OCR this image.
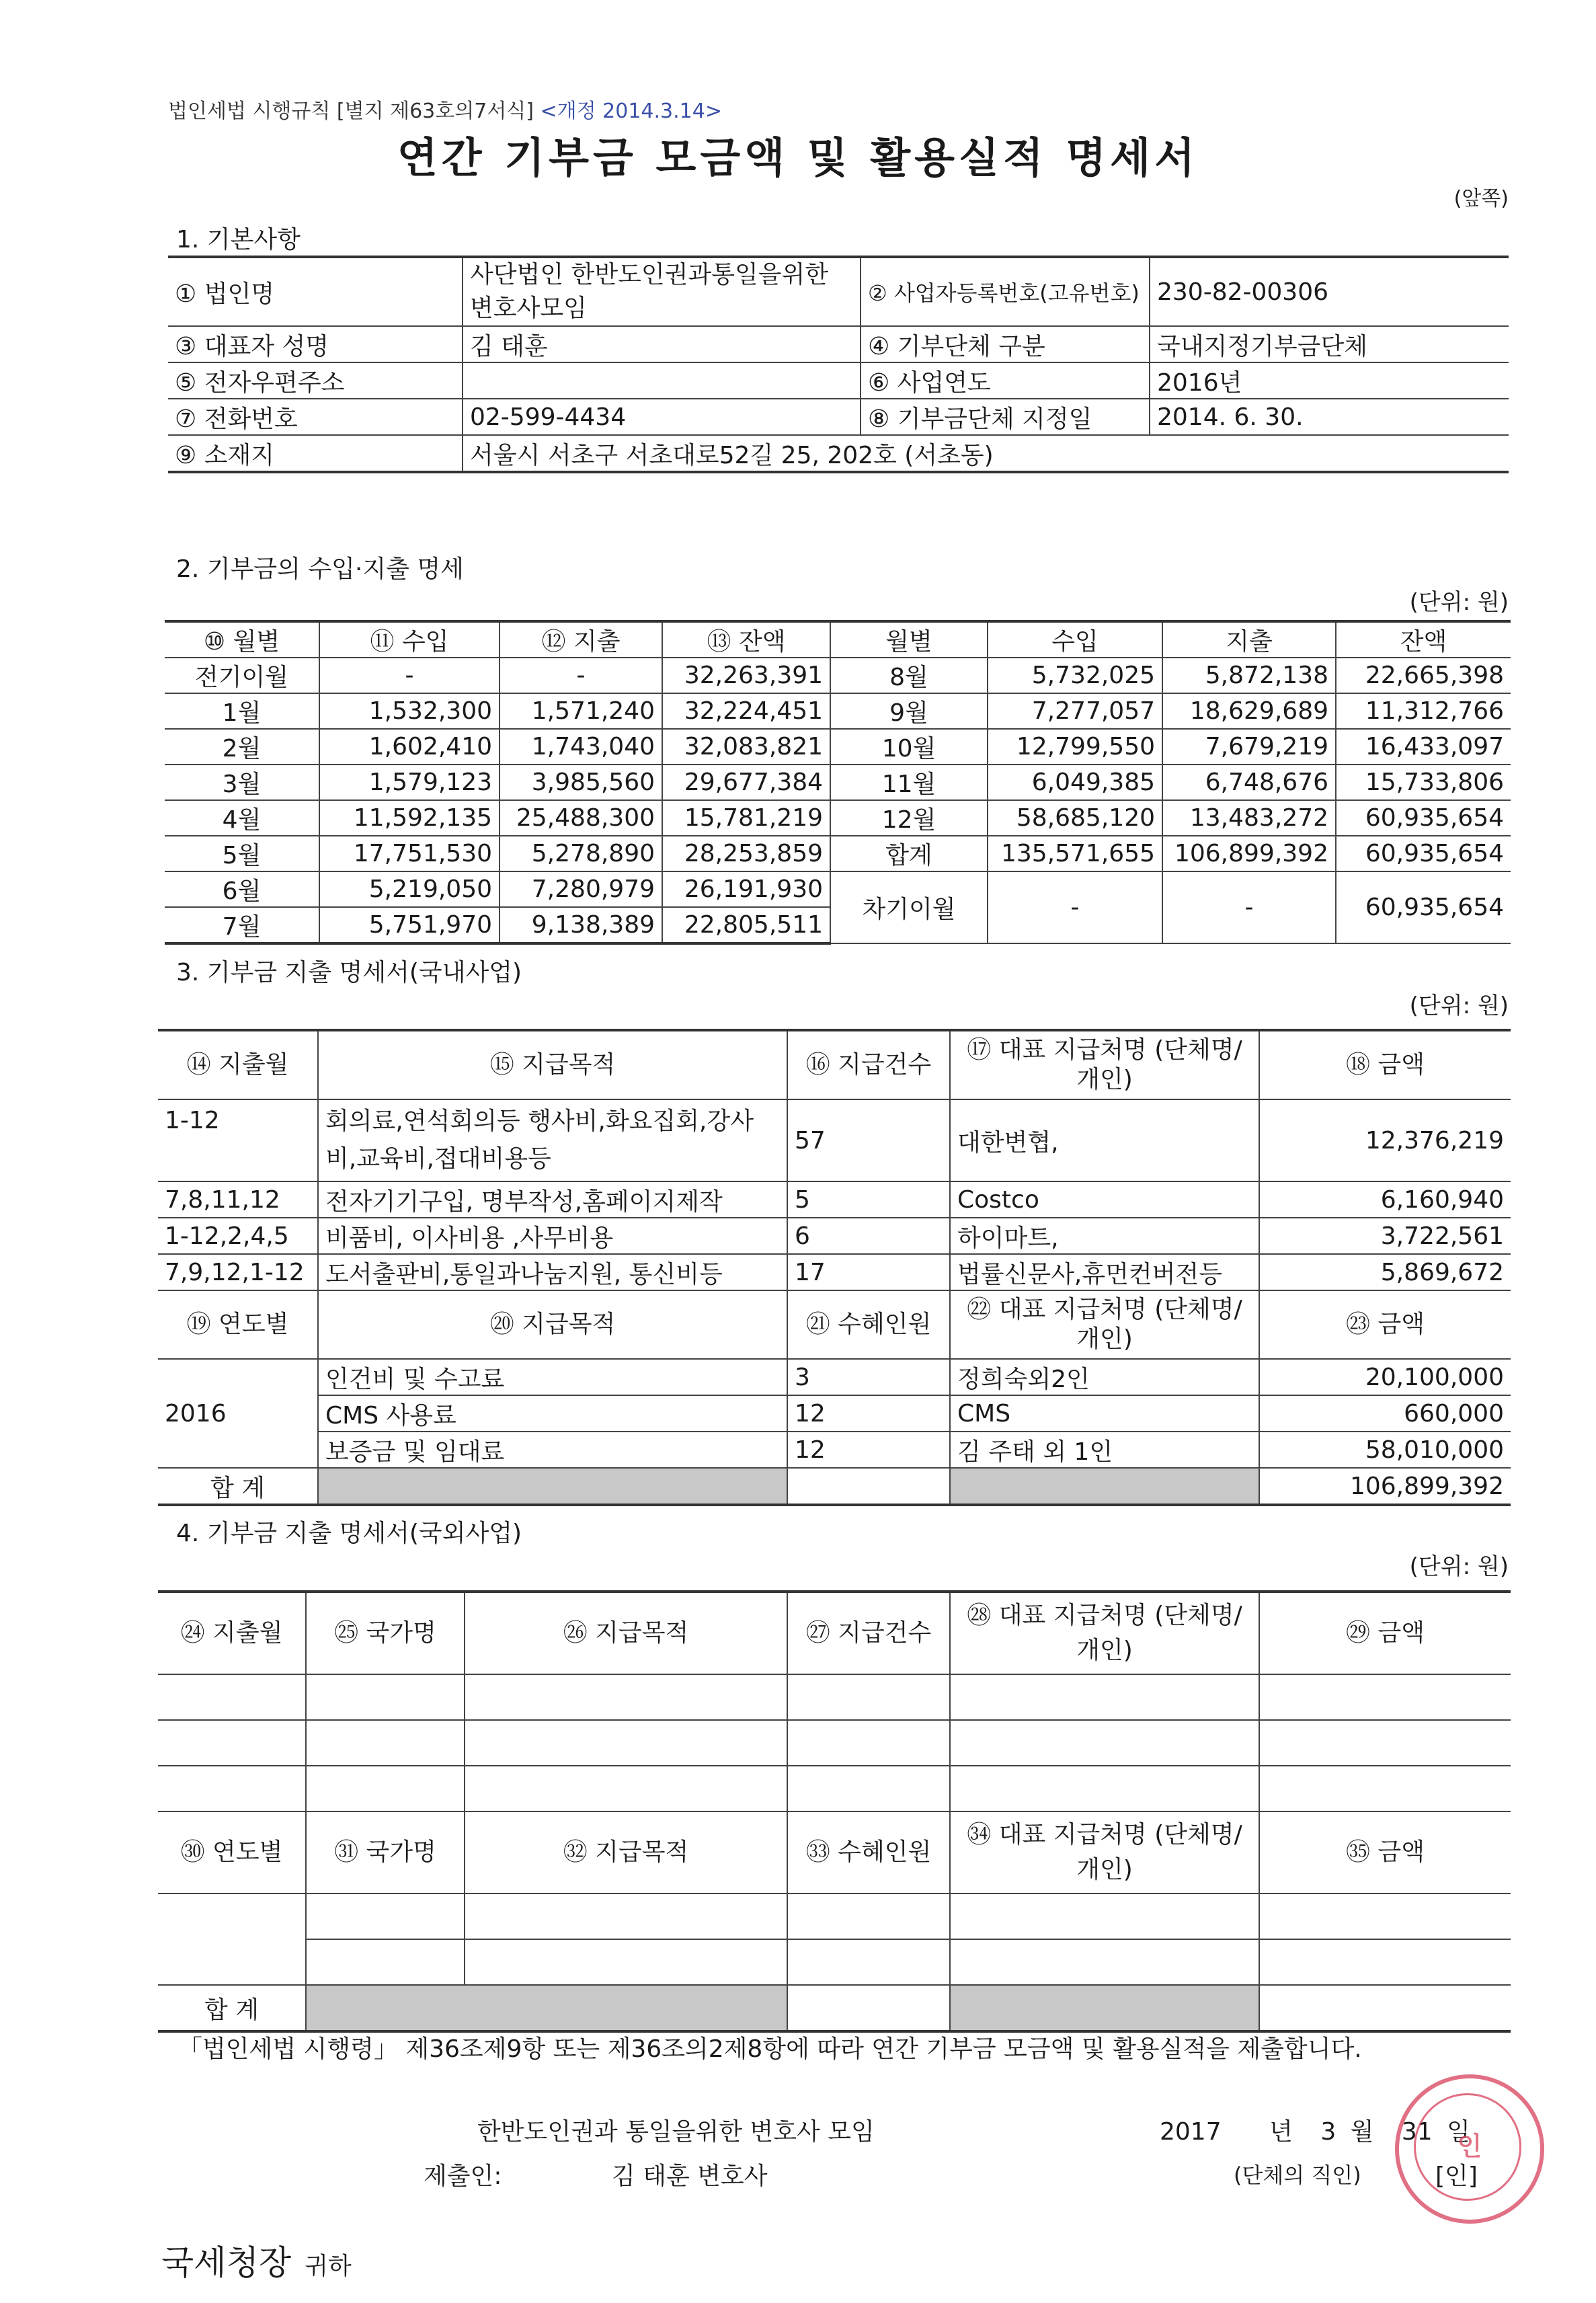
법인세법 시행규칙 [별지 제63호의7서식] <개정 2014.3.14>
연간 기부금 모금액 및 활용실적 명세서
(앞쪽)
1. 기본사항
① 법인명	사단법인 한반도인권과통일을위한 변호사모임	② 사업자등록번호(고유번호)	230-82-00306
③ 대표자 성명	김 태훈	④ 기부단체 구분	국내지정기부금단체
⑤ 전자우편주소		⑥ 사업연도	2016년
⑦ 전화번호	02-599-4434	⑧ 기부금단체 지정일	2014. 6. 30.
⑨ 소재지	서울시 서초구 서초대로52길 25, 202호 (서초동)		
2. 기부금의 수입·지출 명세
(단위: 원)
⑩ 월별	⑪ 수입	⑫ 지출	⑬ 잔액	월별	수입	지출	잔액
전기이월	-	-	32,263,391	8월	5,732,025	5,872,138	22,665,398
1월	1,532,300	1,571,240	32,224,451	9월	7,277,057	18,629,689	11,312,766
2월	1,602,410	1,743,040	32,083,821	10월	12,799,550	7,679,219	16,433,097
3월	1,579,123	3,985,560	29,677,384	11월	6,049,385	6,748,676	15,733,806
4월	11,592,135	25,488,300	15,781,219	12월	58,685,120	13,483,272	60,935,654
5월	17,751,530	5,278,890	28,253,859	합계	135,571,655	106,899,392	60,935,654
6월	5,219,050	7,280,979	26,191,930	차기이월	-	-	60,935,654
7월	5,751,970	9,138,389	22,805,511				
3. 기부금 지출 명세서(국내사업)
(단위: 원)
⑭ 지출월	⑮ 지급목적	⑯ 지급건수	⑰ 대표 지급처명 (단체명/개인)	⑱ 금액
1-12	회의료,연석회의등 행사비,화요집회,강사비,교육비,접대비용등	57	대한변협,	12,376,219
7,8,11,12	전자기기구입, 명부작성,홈페이지제작	5	Costco	6,160,940
1-12,2,4,5	비품비, 이사비용 ,사무비용	6	하이마트,	3,722,561
7,9,12,1-12	도서출판비,통일과나눔지원, 통신비등	17	법률신문사,휴먼컨버전등	5,869,672
⑲ 연도별	⑳ 지급목적	㉑ 수혜인원	㉒ 대표 지급처명 (단체명/개인)	㉓ 금액
2016	인건비 및 수고료	3	정희숙외2인	20,100,000
	CMS 사용료	12	CMS	660,000
	보증금 및 임대료	12	김 주태 외 1인	58,010,000
합 계				106,899,392
4. 기부금 지출 명세서(국외사업)
(단위: 원)
㉔ 지출월	㉕ 국가명	㉖ 지급목적	㉗ 지급건수	㉘ 대표 지급처명 (단체명/개인)	㉙ 금액

㉚ 연도별	㉛ 국가명	㉜ 지급목적	㉝ 수혜인원	㉞ 대표 지급처명 (단체명/개인)	㉟ 금액

합 계					
「법인세법 시행령」 제36조제9항 또는 제36조의2제8항에 따라 연간 기부금 모금액 및 활용실적을 제출합니다.
한반도인권과 통일을위한 변호사 모임	2017 년 3 월 31 일
제출인:	김 태훈 변호사	(단체의 직인)	[인]
인
국세청장 귀하
